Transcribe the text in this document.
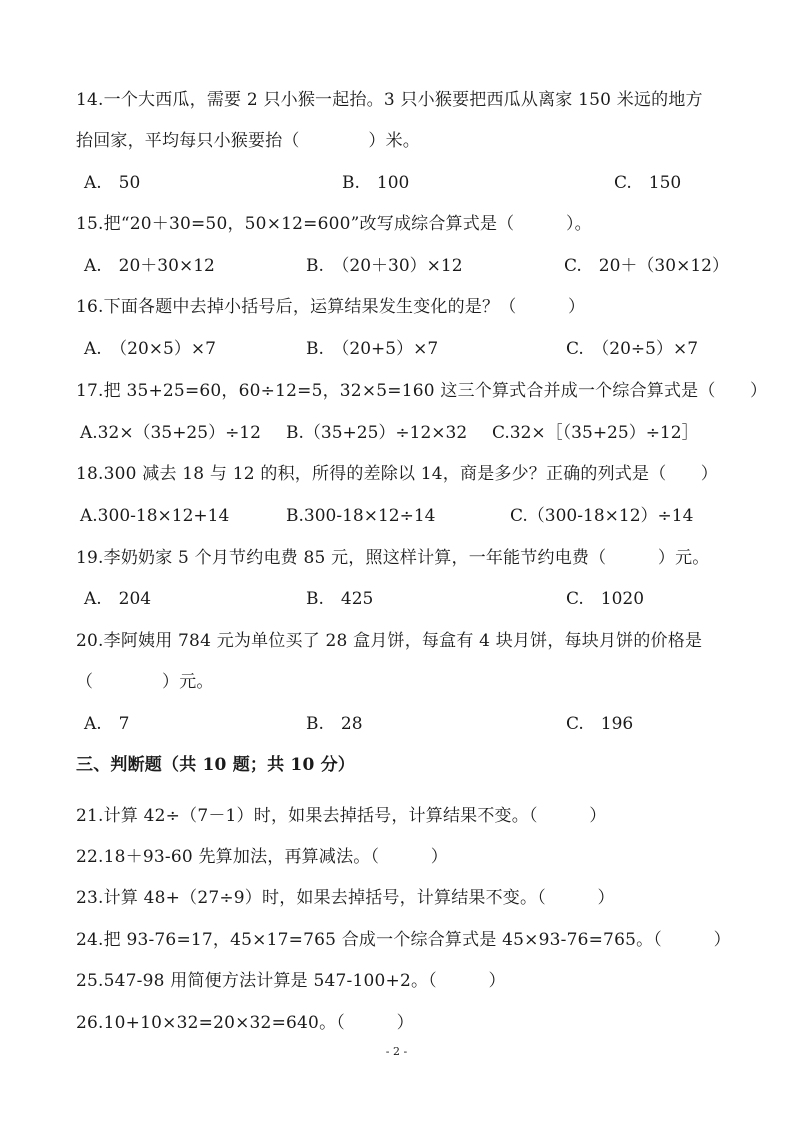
14.一个大西瓜，需要 2 只小猴一起抬。3 只小猴要把西瓜从离家 150 米远的地方
抬回家，平均每只小猴要抬（　　　　）米。
A.　50	B.　100	C.　150
15.把“20＋30=50，50×12=600”改写成综合算式是（　　　）。
A.　20＋30×12	B.　（20＋30）×12	C.　20＋（30×12）
16.下面各题中去掉小括号后，运算结果发生变化的是？（　　　）
A.　（20×5）×7	B.　（20+5）×7	C.　（20÷5）×7
17.把 35+25=60，60÷12=5，32×5=160 这三个算式合并成一个综合算式是（　　）
A.32×（35+25）÷12 B.（35+25）÷12×32 C.32×［（35+25）÷12］
18.300 减去 18 与 12 的积，所得的差除以 14，商是多少？正确的列式是（　　）
A.300-18×12+14	B.300-18×12÷14	C.（300-18×12）÷14
19.李奶奶家 5 个月节约电费 85 元，照这样计算，一年能节约电费（　　　）元。
A.　204	B.　425	C.　1020
20.李阿姨用 784 元为单位买了 28 盒月饼，每盒有 4 块月饼，每块月饼的价格是
（　　　　）元。
A.　7	B.　28	C.　196
三、判断题（共 10 题；共 10 分）
21.计算 42÷（7－1）时，如果去掉括号，计算结果不变。（　　　）
22.18＋93-60 先算加法，再算减法。（　　　）
23.计算 48+（27÷9）时，如果去掉括号，计算结果不变。（　　　）
24.把 93-76=17，45×17=765 合成一个综合算式是 45×93-76=765。（　　　）
25.547-98 用简便方法计算是 547-100+2。（　　　）
26.10+10×32=20×32=640。（　　　）
- 2 -
